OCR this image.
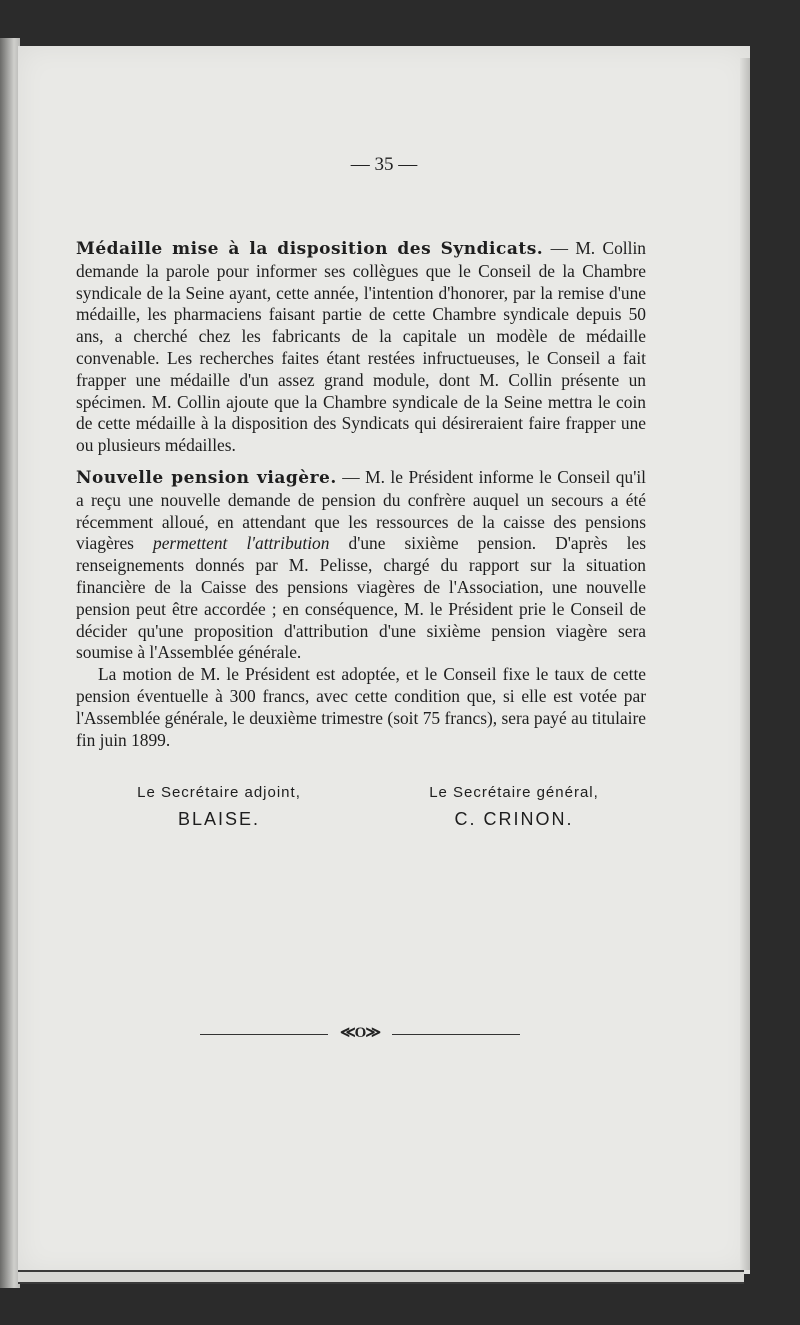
— 35 —

Médaille mise à la disposition des Syndicats. — M. Collin demande la parole pour informer ses collègues que le Conseil de la Chambre syndicale de la Seine ayant, cette année, l'intention d'honorer, par la remise d'une médaille, les pharmaciens faisant partie de cette Chambre syndicale depuis 50 ans, a cherché chez les fabricants de la capitale un modèle de médaille convenable. Les recherches faites étant restées infructueuses, le Conseil a fait frapper une médaille d'un assez grand module, dont M. Collin présente un spécimen. M. Collin ajoute que la Chambre syndicale de la Seine mettra le coin de cette médaille à la disposition des Syndicats qui désireraient faire frapper une ou plusieurs médailles.

Nouvelle pension viagère. — M. le Président informe le Conseil qu'il a reçu une nouvelle demande de pension du confrère auquel un secours a été récemment alloué, en attendant que les ressources de la caisse des pensions viagères permettent l'attribution d'une sixième pension. D'après les renseignements donnés par M. Pelisse, chargé du rapport sur la situation financière de la Caisse des pensions viagères de l'Association, une nouvelle pension peut être accordée ; en conséquence, M. le Président prie le Conseil de décider qu'une proposition d'attribution d'une sixième pension viagère sera soumise à l'Assemblée générale.

La motion de M. le Président est adoptée, et le Conseil fixe le taux de cette pension éventuelle à 300 francs, avec cette condition que, si elle est votée par l'Assemblée générale, le deuxième trimestre (soit 75 francs), sera payé au titulaire fin juin 1899.

Le Secrétaire adjoint,
BLAISE.
Le Secrétaire général,
C. CRINON.
≪O≫
